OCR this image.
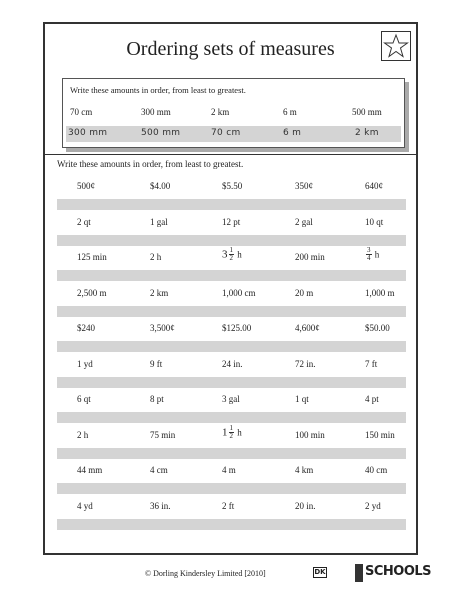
Ordering sets of measures
Write these amounts in order, from least to greatest.
70 cm	300 mm	2 km	6 m	500 mm
300 mm	500 mm	70 cm	6 m	2 km
Write these amounts in order, from least to greatest.
500¢	$4.00	$5.50	350¢	640¢
2 qt	1 gal	12 pt	2 gal	10 qt
125 min	2 h	$3 \frac{1}{2}$ h	200 min	$\frac{3}{4}$ h
2,500 m	2 km	1,000 cm	20 m	1,000 m
$240	3,500¢	$125.00	4,600¢	$50.00
1 yd	9 ft	24 in.	72 in.	7 ft
6 qt	8 pt	3 gal	1 qt	4 pt
2 h	75 min	$1 \frac{1}{2}$ h	100 min	150 min
44 mm	4 cm	4 m	4 km	40 cm
4 yd	36 in.	2 ft	20 in.	2 yd
© Dorling Kindersley Limited [2010]	DK	SCHOOLS
